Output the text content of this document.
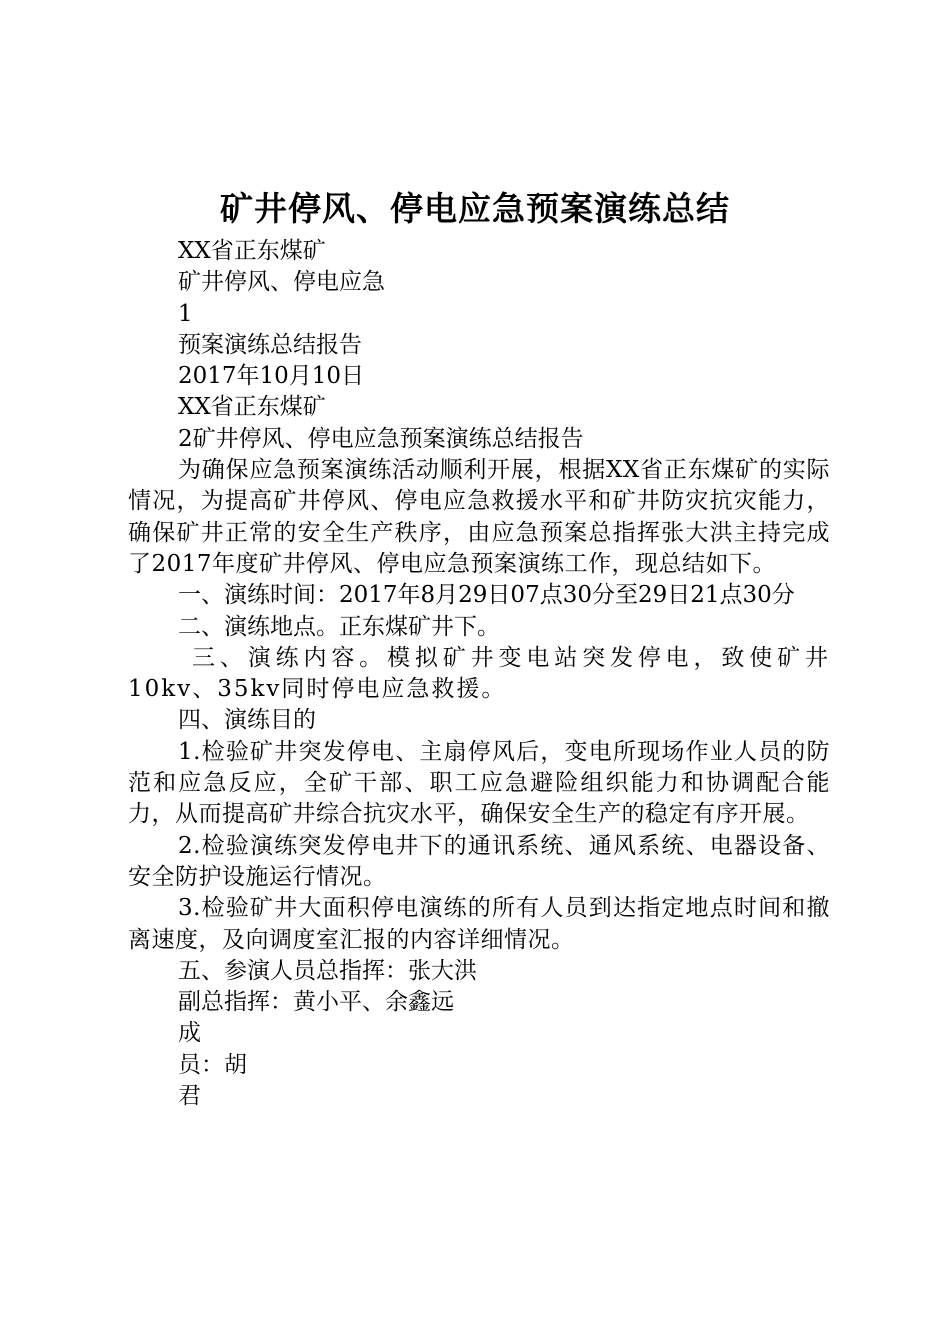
矿井停风、停电应急预案演练总结
XX省正东煤矿
矿井停风、停电应急
1
预案演练总结报告
2017年10月10日
XX省正东煤矿
2矿井停风、停电应急预案演练总结报告
为确保应急预案演练活动顺利开展，根据XX省正东煤矿的实际情况，为提高矿井停风、停电应急救援水平和矿井防灾抗灾能力，确保矿井正常的安全生产秩序，由应急预案总指挥张大洪主持完成了2017年度矿井停风、停电应急预案演练工作，现总结如下。
一、演练时间：2017年8月29日07点30分至29日21点30分
二、演练地点。正东煤矿井下。
三、演练内容。模拟矿井变电站突发停电，致使矿井10kv、35kv同时停电应急救援。
四、演练目的
1.检验矿井突发停电、主扇停风后，变电所现场作业人员的防范和应急反应，全矿干部、职工应急避险组织能力和协调配合能力，从而提高矿井综合抗灾水平，确保安全生产的稳定有序开展。
2.检验演练突发停电井下的通讯系统、通风系统、电器设备、安全防护设施运行情况。
3.检验矿井大面积停电演练的所有人员到达指定地点时间和撤离速度，及向调度室汇报的内容详细情况。
五、参演人员总指挥：张大洪
副总指挥：黄小平、余鑫远
成
员：胡
君
